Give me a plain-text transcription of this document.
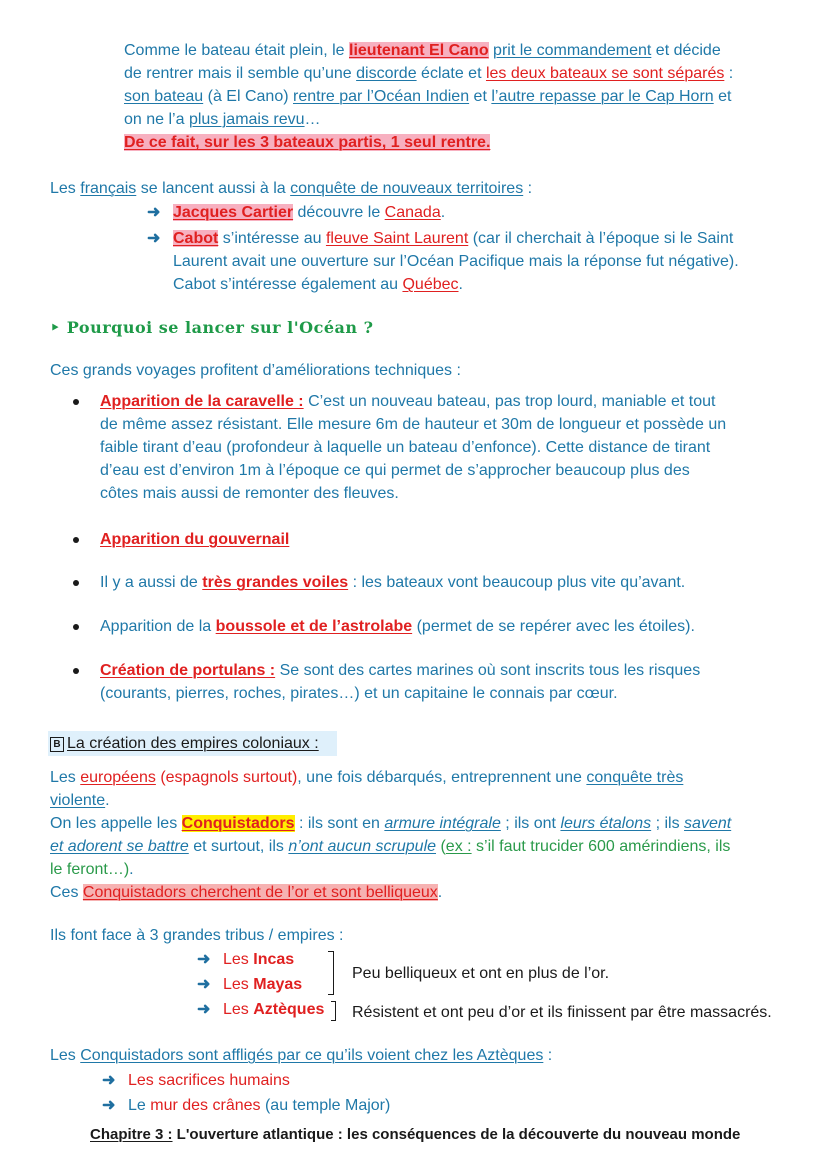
Comme le bateau était plein, le lieutenant El Cano prit le commandement et décide
de rentrer mais il semble qu’une discorde éclate et les deux bateaux se sont séparés :
son bateau (à El Cano) rentre par l’Océan Indien et l’autre repasse par le Cap Horn et
on ne l’a plus jamais revu…
De ce fait, sur les 3 bateaux partis, 1 seul rentre.
Les français se lancent aussi à la conquête de nouveaux territoires :
➜ Jacques Cartier découvre le Canada.
➜ Cabot s’intéresse au fleuve Saint Laurent (car il cherchait à l’époque si le Saint
Laurent avait une ouverture sur l’Océan Pacifique mais la réponse fut négative).
Cabot s’intéresse également au Québec.
‣ Pourquoi se lancer sur l'Océan ?
Ces grands voyages profitent d’améliorations techniques :
Apparition de la caravelle : C’est un nouveau bateau, pas trop lourd, maniable et tout
de même assez résistant. Elle mesure 6m de hauteur et 30m de longueur et possède un
faible tirant d’eau (profondeur à laquelle un bateau d’enfonce). Cette distance de tirant
d’eau est d’environ 1m à l’époque ce qui permet de s’approcher beaucoup plus des
côtes mais aussi de remonter des fleuves.
Apparition du gouvernail
Il y a aussi de très grandes voiles : les bateaux vont beaucoup plus vite qu’avant.
Apparition de la boussole et de l’astrolabe (permet de se repérer avec les étoiles).
Création de portulans : Se sont des cartes marines où sont inscrits tous les risques
(courants, pierres, roches, pirates…) et un capitaine le connais par cœur.
B La création des empires coloniaux :
Les européens (espagnols surtout), une fois débarqués, entreprennent une conquête très
violente.
On les appelle les Conquistadors : ils sont en armure intégrale ; ils ont leurs étalons ; ils savent
et adorent se battre et surtout, ils n’ont aucun scrupule (ex : s’il faut trucider 600 amérindiens, ils
le feront…).
Ces Conquistadors cherchent de l’or et sont belliqueux.
Ils font face à 3 grandes tribus / empires :
➜ Les Incas
➜ Les Mayas
➜ Les Aztèques
Peu belliqueux et ont en plus de l’or.
Résistent et ont peu d’or et ils finissent par être massacrés.
Les Conquistadors sont affligés par ce qu’ils voient chez les Aztèques :
➜ Les sacrifices humains
➜ Le mur des crânes (au temple Major)
Chapitre 3 : L'ouverture atlantique : les conséquences de la découverte du nouveau monde
